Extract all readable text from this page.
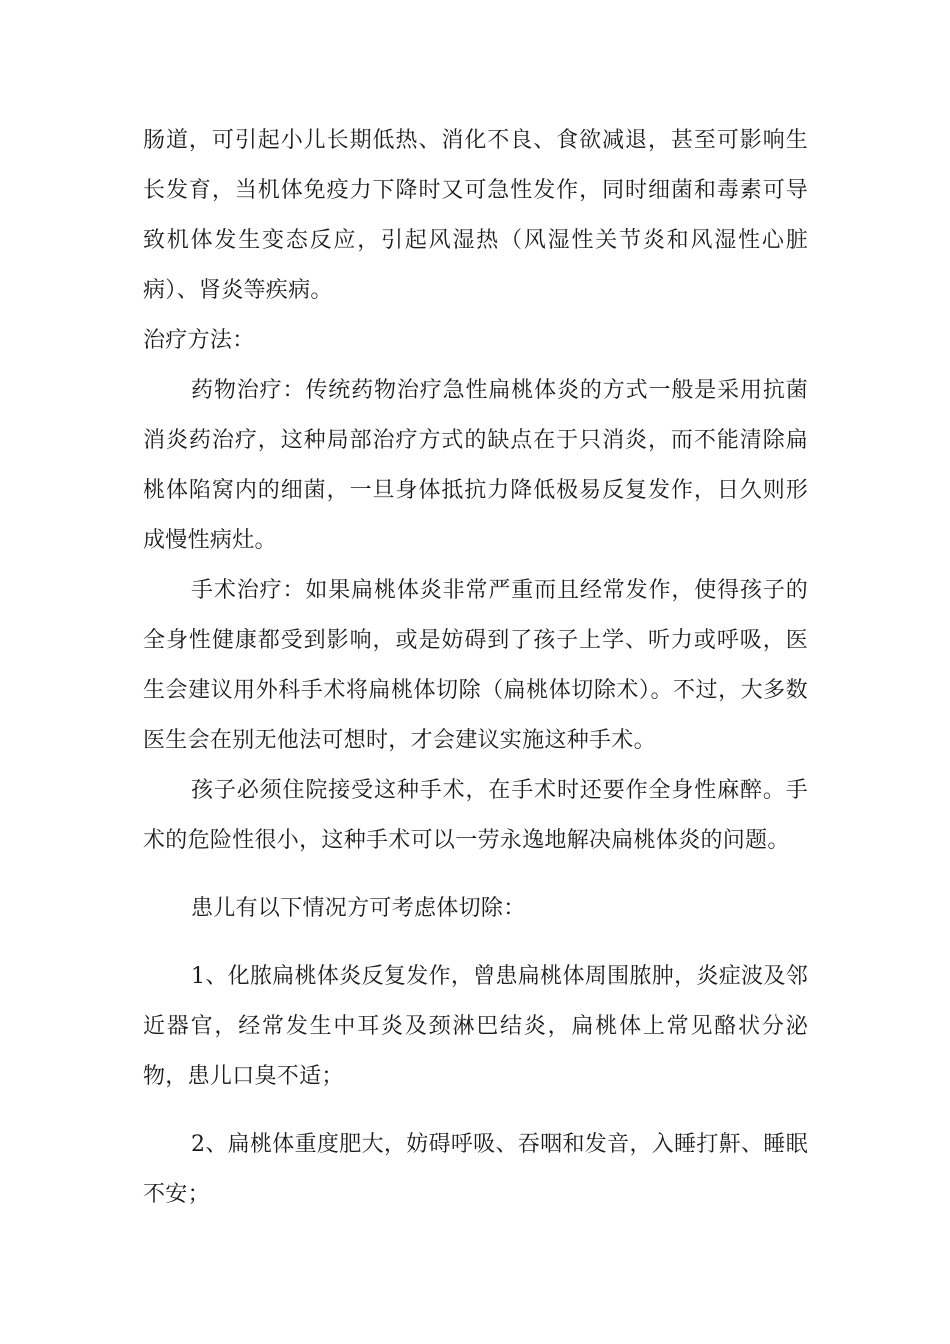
肠道，可引起小儿长期低热、消化不良、食欲减退，甚至可影响生长发育，当机体免疫力下降时又可急性发作，同时细菌和毒素可导致机体发生变态反应，引起风湿热（风湿性关节炎和风湿性心脏病）、肾炎等疾病。

治疗方法：

药物治疗：传统药物治疗急性扁桃体炎的方式一般是采用抗菌消炎药治疗，这种局部治疗方式的缺点在于只消炎，而不能清除扁桃体陷窝内的细菌，一旦身体抵抗力降低极易反复发作，日久则形成慢性病灶。

手术治疗：如果扁桃体炎非常严重而且经常发作，使得孩子的全身性健康都受到影响，或是妨碍到了孩子上学、听力或呼吸，医生会建议用外科手术将扁桃体切除（扁桃体切除术）。不过，大多数医生会在别无他法可想时，才会建议实施这种手术。

孩子必须住院接受这种手术，在手术时还要作全身性麻醉。手术的危险性很小，这种手术可以一劳永逸地解决扁桃体炎的问题。

患儿有以下情况方可考虑体切除：

1、化脓扁桃体炎反复发作，曾患扁桃体周围脓肿，炎症波及邻近器官，经常发生中耳炎及颈淋巴结炎，扁桃体上常见酪状分泌物，患儿口臭不适；

2、扁桃体重度肥大，妨碍呼吸、吞咽和发音，入睡打鼾、睡眠不安；
